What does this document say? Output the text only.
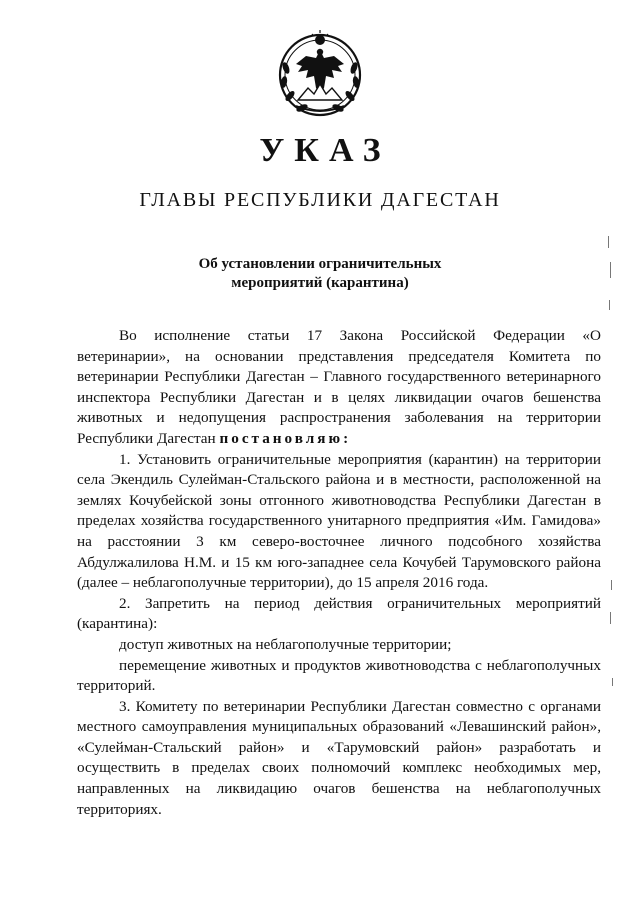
УКАЗ
ГЛАВЫ РЕСПУБЛИКИ ДАГЕСТАН
Об установлении ограничительных
мероприятий (карантина)

Во исполнение статьи 17 Закона Российской Федерации «О ветеринарии», на основании представления председателя Комитета по ветеринарии Республики Дагестан – Главного государственного ветеринарного инспектора Республики Дагестан и в целях ликвидации очагов бешенства животных и недопущения распространения заболевания на территории Республики Дагестан постановляю:

1. Установить ограничительные мероприятия (карантин) на территории села Экендиль Сулейман-Стальского района и в местности, расположенной на землях Кочубейской зоны отгонного животноводства Республики Дагестан в пределах хозяйства государственного унитарного предприятия «Им. Гамидова» на расстоянии 3 км северо-восточнее личного подсобного хозяйства Абдулжалилова Н.М. и 15 км юго-западнее села Кочубей Тарумовского района (далее – неблагополучные территории), до 15 апреля 2016 года.

2. Запретить на период действия ограничительных мероприятий (карантина):

доступ животных на неблагополучные территории;

перемещение животных и продуктов животноводства с неблагополучных территорий.

3. Комитету по ветеринарии Республики Дагестан совместно с органами местного самоуправления муниципальных образований «Левашинский район», «Сулейман-Стальский район» и «Тарумовский район» разработать и осуществить в пределах своих полномочий комплекс необходимых мер, направленных на ликвидацию очагов бешенства на неблагополучных территориях.
